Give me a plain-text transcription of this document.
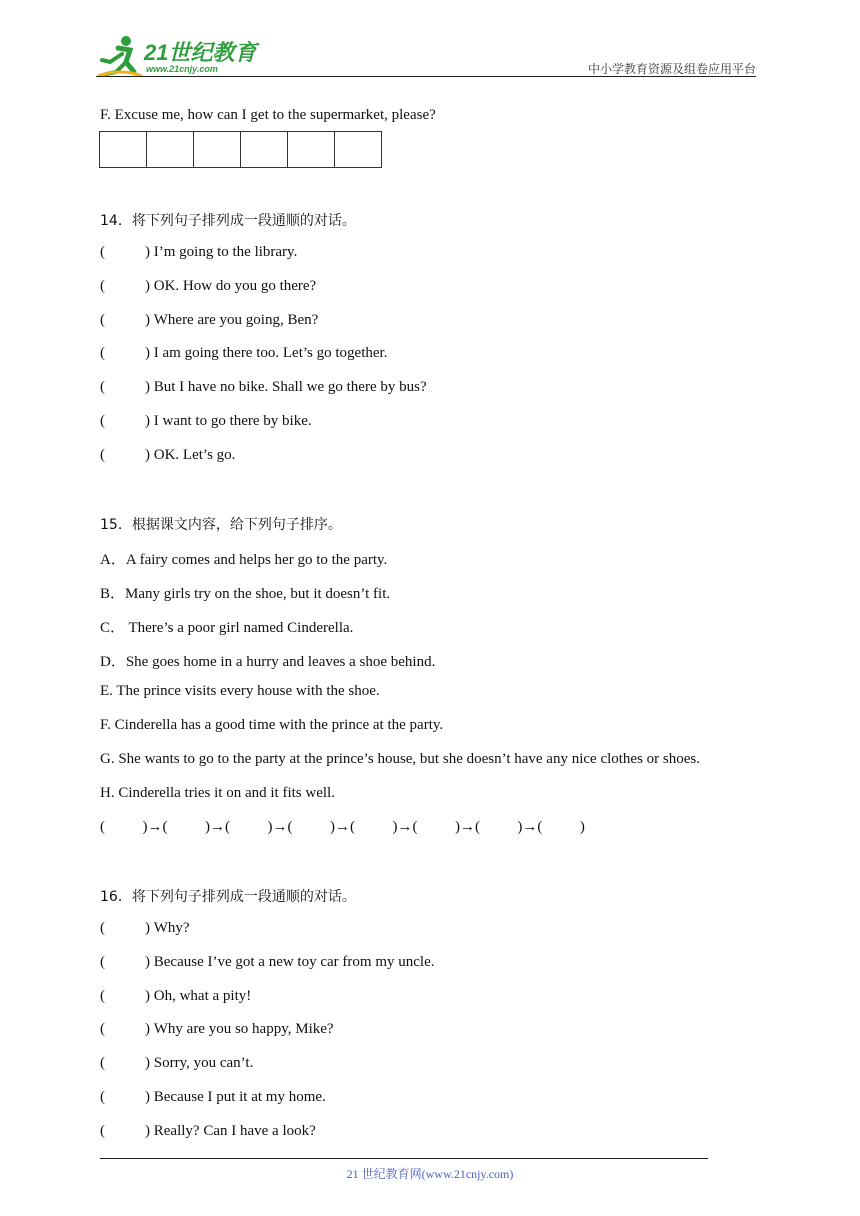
21世纪教育
www.21cnjy.com	中小学教育资源及组卷应用平台
F. Excuse me, how can I get to the supermarket, please?
14．将下列句子排列成一段通顺的对话。
(	) I’m going to the library.
(	) OK. How do you go there?
(	) Where are you going, Ben?
(	) I am going there too. Let’s go together.
(	) But I have no bike. Shall we go there by bus?
(	) I want to go there by bike.
(	) OK. Let’s go.
15．根据课文内容，给下列句子排序。
A．A fairy comes and helps her go to the party.
B．Many girls try on the shoe, but it doesn’t fit.
C． There’s a poor girl named Cinderella.
D．She goes home in a hurry and leaves a shoe behind.
E. The prince visits every house with the shoe.
F. Cinderella has a good time with the prince at the party.
G. She wants to go to the party at the prince’s house, but she doesn’t have any nice clothes or shoes.
H. Cinderella tries it on and it fits well.
(          )→(          )→(          )→(          )→(          )→(          )→(          )→(          )
16．将下列句子排列成一段通顺的对话。
(	) Why?
(	) Because I’ve got a new toy car from my uncle.
(	) Oh, what a pity!
(	) Why are you so happy, Mike?
(	) Sorry, you can’t.
(	) Because I put it at my home.
(	) Really? Can I have a look?
21 世纪教育网(www.21cnjy.com)
